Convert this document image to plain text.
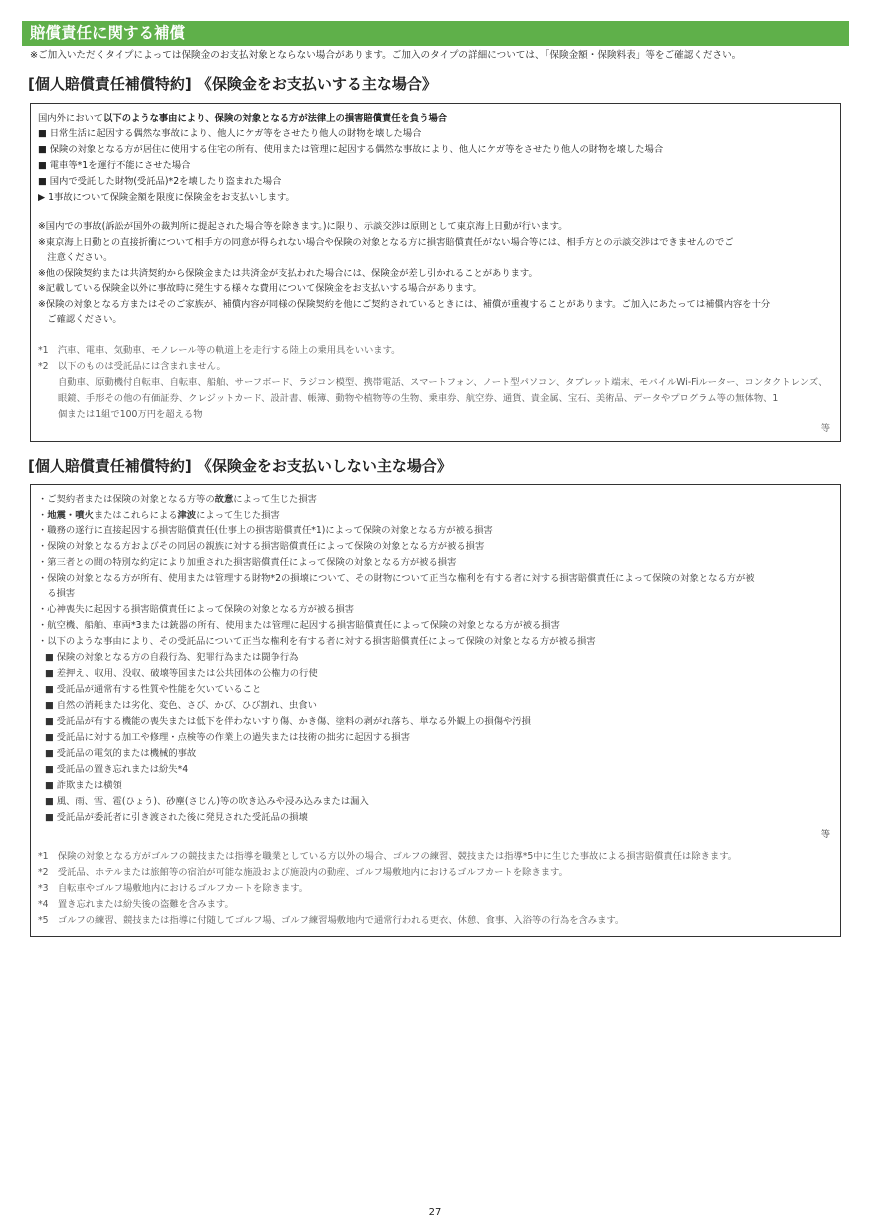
賠償責任に関する補償
※ご加入いただくタイプによっては保険金のお支払対象とならない場合があります。ご加入のタイプの詳細については、「保険金額・保険料表」等をご確認ください。
[個人賠償責任補償特約] 《保険金をお支払いする主な場合》
国内外において以下のような事由により、保険の対象となる方が法律上の損害賠償責任を負う場合
■ 日常生活に起因する偶然な事故により、他人にケガ等をさせたり他人の財物を壊した場合
■ 保険の対象となる方が居住に使用する住宅の所有、使用または管理に起因する偶然な事故により、他人にケガ等をさせたり他人の財物を壊した場合
■ 電車等*1を運行不能にさせた場合
■ 国内で受託した財物(受託品)*2を壊したり盗まれた場合
▶ 1事故について保険金額を限度に保険金をお支払いします。
※国内での事故(訴訟が国外の裁判所に提起された場合等を除きます。)に限り、示談交渉は原則として東京海上日動が行います。
※東京海上日動との直接折衝について相手方の同意が得られない場合や保険の対象となる方に損害賠償責任がない場合等には、相手方との示談交渉はできませんのでご
　注意ください。
※他の保険契約または共済契約から保険金または共済金が支払われた場合には、保険金が差し引かれることがあります。
※記載している保険金以外に事故時に発生する様々な費用について保険金をお支払いする場合があります。
※保険の対象となる方またはそのご家族が、補償内容が同様の保険契約を他にご契約されているときには、補償が重複することがあります。ご加入にあたっては補償内容を十分
　ご確認ください。
*1　汽車、電車、気動車、モノレール等の軌道上を走行する陸上の乗用具をいいます。
*2　以下のものは受託品には含まれません。
自動車、原動機付自転車、自転車、船舶、サーフボード、ラジコン模型、携帯電話、スマートフォン、ノート型パソコン、タブレット端末、モバイルWi-Fiルーター、コンタクトレンズ、
眼鏡、手形その他の有価証券、クレジットカード、設計書、帳簿、動物や植物等の生物、乗車券、航空券、通貨、貴金属、宝石、美術品、データやプログラム等の無体物、1
個または1組で100万円を超える物
等
[個人賠償責任補償特約] 《保険金をお支払いしない主な場合》
・ご契約者または保険の対象となる方等の故意によって生じた損害
・地震・噴火またはこれらによる津波によって生じた損害
・職務の遂行に直接起因する損害賠償責任(仕事上の損害賠償責任*1)によって保険の対象となる方が被る損害
・保険の対象となる方およびその同居の親族に対する損害賠償責任によって保険の対象となる方が被る損害
・第三者との間の特別な約定により加重された損害賠償責任によって保険の対象となる方が被る損害
・保険の対象となる方が所有、使用または管理する財物*2の損壊について、その財物について正当な権利を有する者に対する損害賠償責任によって保険の対象となる方が被
　る損害
・心神喪失に起因する損害賠償責任によって保険の対象となる方が被る損害
・航空機、船舶、車両*3または銃器の所有、使用または管理に起因する損害賠償責任によって保険の対象となる方が被る損害
・以下のような事由により、その受託品について正当な権利を有する者に対する損害賠償責任によって保険の対象となる方が被る損害
■ 保険の対象となる方の自殺行為、犯罪行為または闘争行為
■ 差押え、収用、没収、破壊等国または公共団体の公権力の行使
■ 受託品が通常有する性質や性能を欠いていること
■ 自然の消耗または劣化、変色、さび、かび、ひび割れ、虫食い
■ 受託品が有する機能の喪失または低下を伴わないすり傷、かき傷、塗料の剥がれ落ち、単なる外観上の損傷や汚損
■ 受託品に対する加工や修理・点検等の作業上の過失または技術の拙劣に起因する損害
■ 受託品の電気的または機械的事故
■ 受託品の置き忘れまたは紛失*4
■ 詐欺または横領
■ 風、雨、雪、雹(ひょう)、砂塵(さじん)等の吹き込みや浸み込みまたは漏入
■ 受託品が委託者に引き渡された後に発見された受託品の損壊
等
*1　保険の対象となる方がゴルフの競技または指導を職業としている方以外の場合、ゴルフの練習、競技または指導*5中に生じた事故による損害賠償責任は除きます。
*2　受託品、ホテルまたは旅館等の宿泊が可能な施設および施設内の動産、ゴルフ場敷地内におけるゴルフカートを除きます。
*3　自転車やゴルフ場敷地内におけるゴルフカートを除きます。
*4　置き忘れまたは紛失後の盗難を含みます。
*5　ゴルフの練習、競技または指導に付随してゴルフ場、ゴルフ練習場敷地内で通常行われる更衣、休憩、食事、入浴等の行為を含みます。
27
